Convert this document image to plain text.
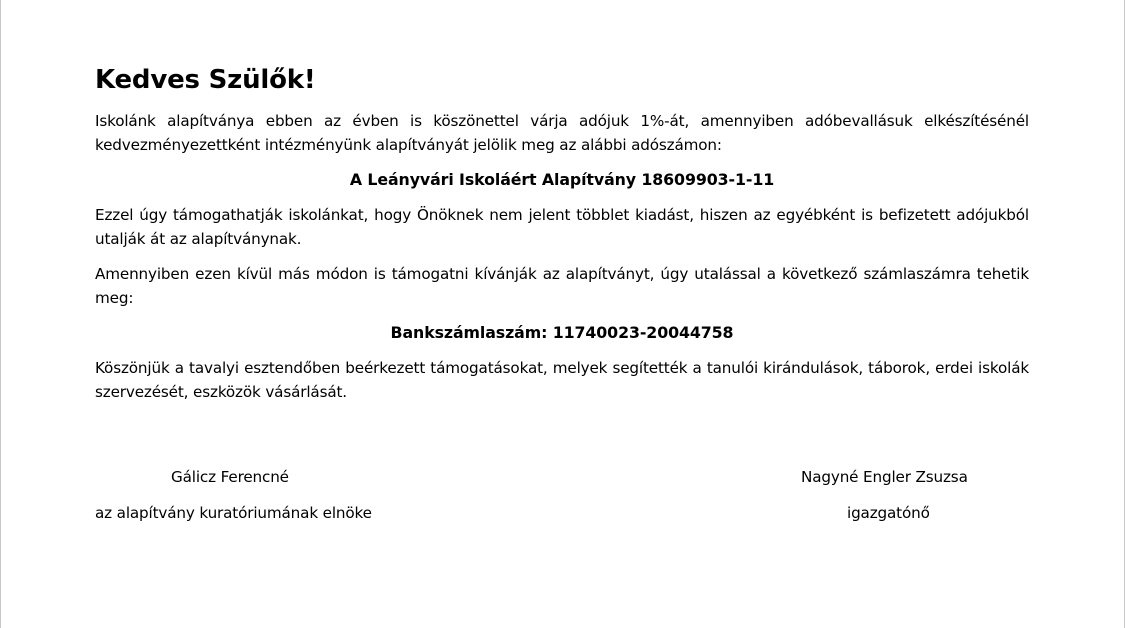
Kedves Szülők!

Iskolánk alapítványa ebben az évben is köszönettel várja adójuk 1%-át, amennyiben adóbevallásuk elkészítésénél kedvezményezettként intézményünk alapítványát jelölik meg az alábbi adószámon:

A Leányvári Iskoláért Alapítvány 18609903-1-11

Ezzel úgy támogathatják iskolánkat, hogy Önöknek nem jelent többlet kiadást, hiszen az egyébként is befizetett adójukból utalják át az alapítványnak.

Amennyiben ezen kívül más módon is támogatni kívánják az alapítványt, úgy utalással a következő számlaszámra tehetik meg:

Bankszámlaszám: 11740023-20044758

Köszönjük a tavalyi esztendőben beérkezett támogatásokat, melyek segítették a tanulói kirándulások, táborok, erdei iskolák szervezését, eszközök vásárlását.

Gálicz Ferencné
az alapítvány kuratóriumának elnöke
Nagyné Engler Zsuzsa
igazgatónő
